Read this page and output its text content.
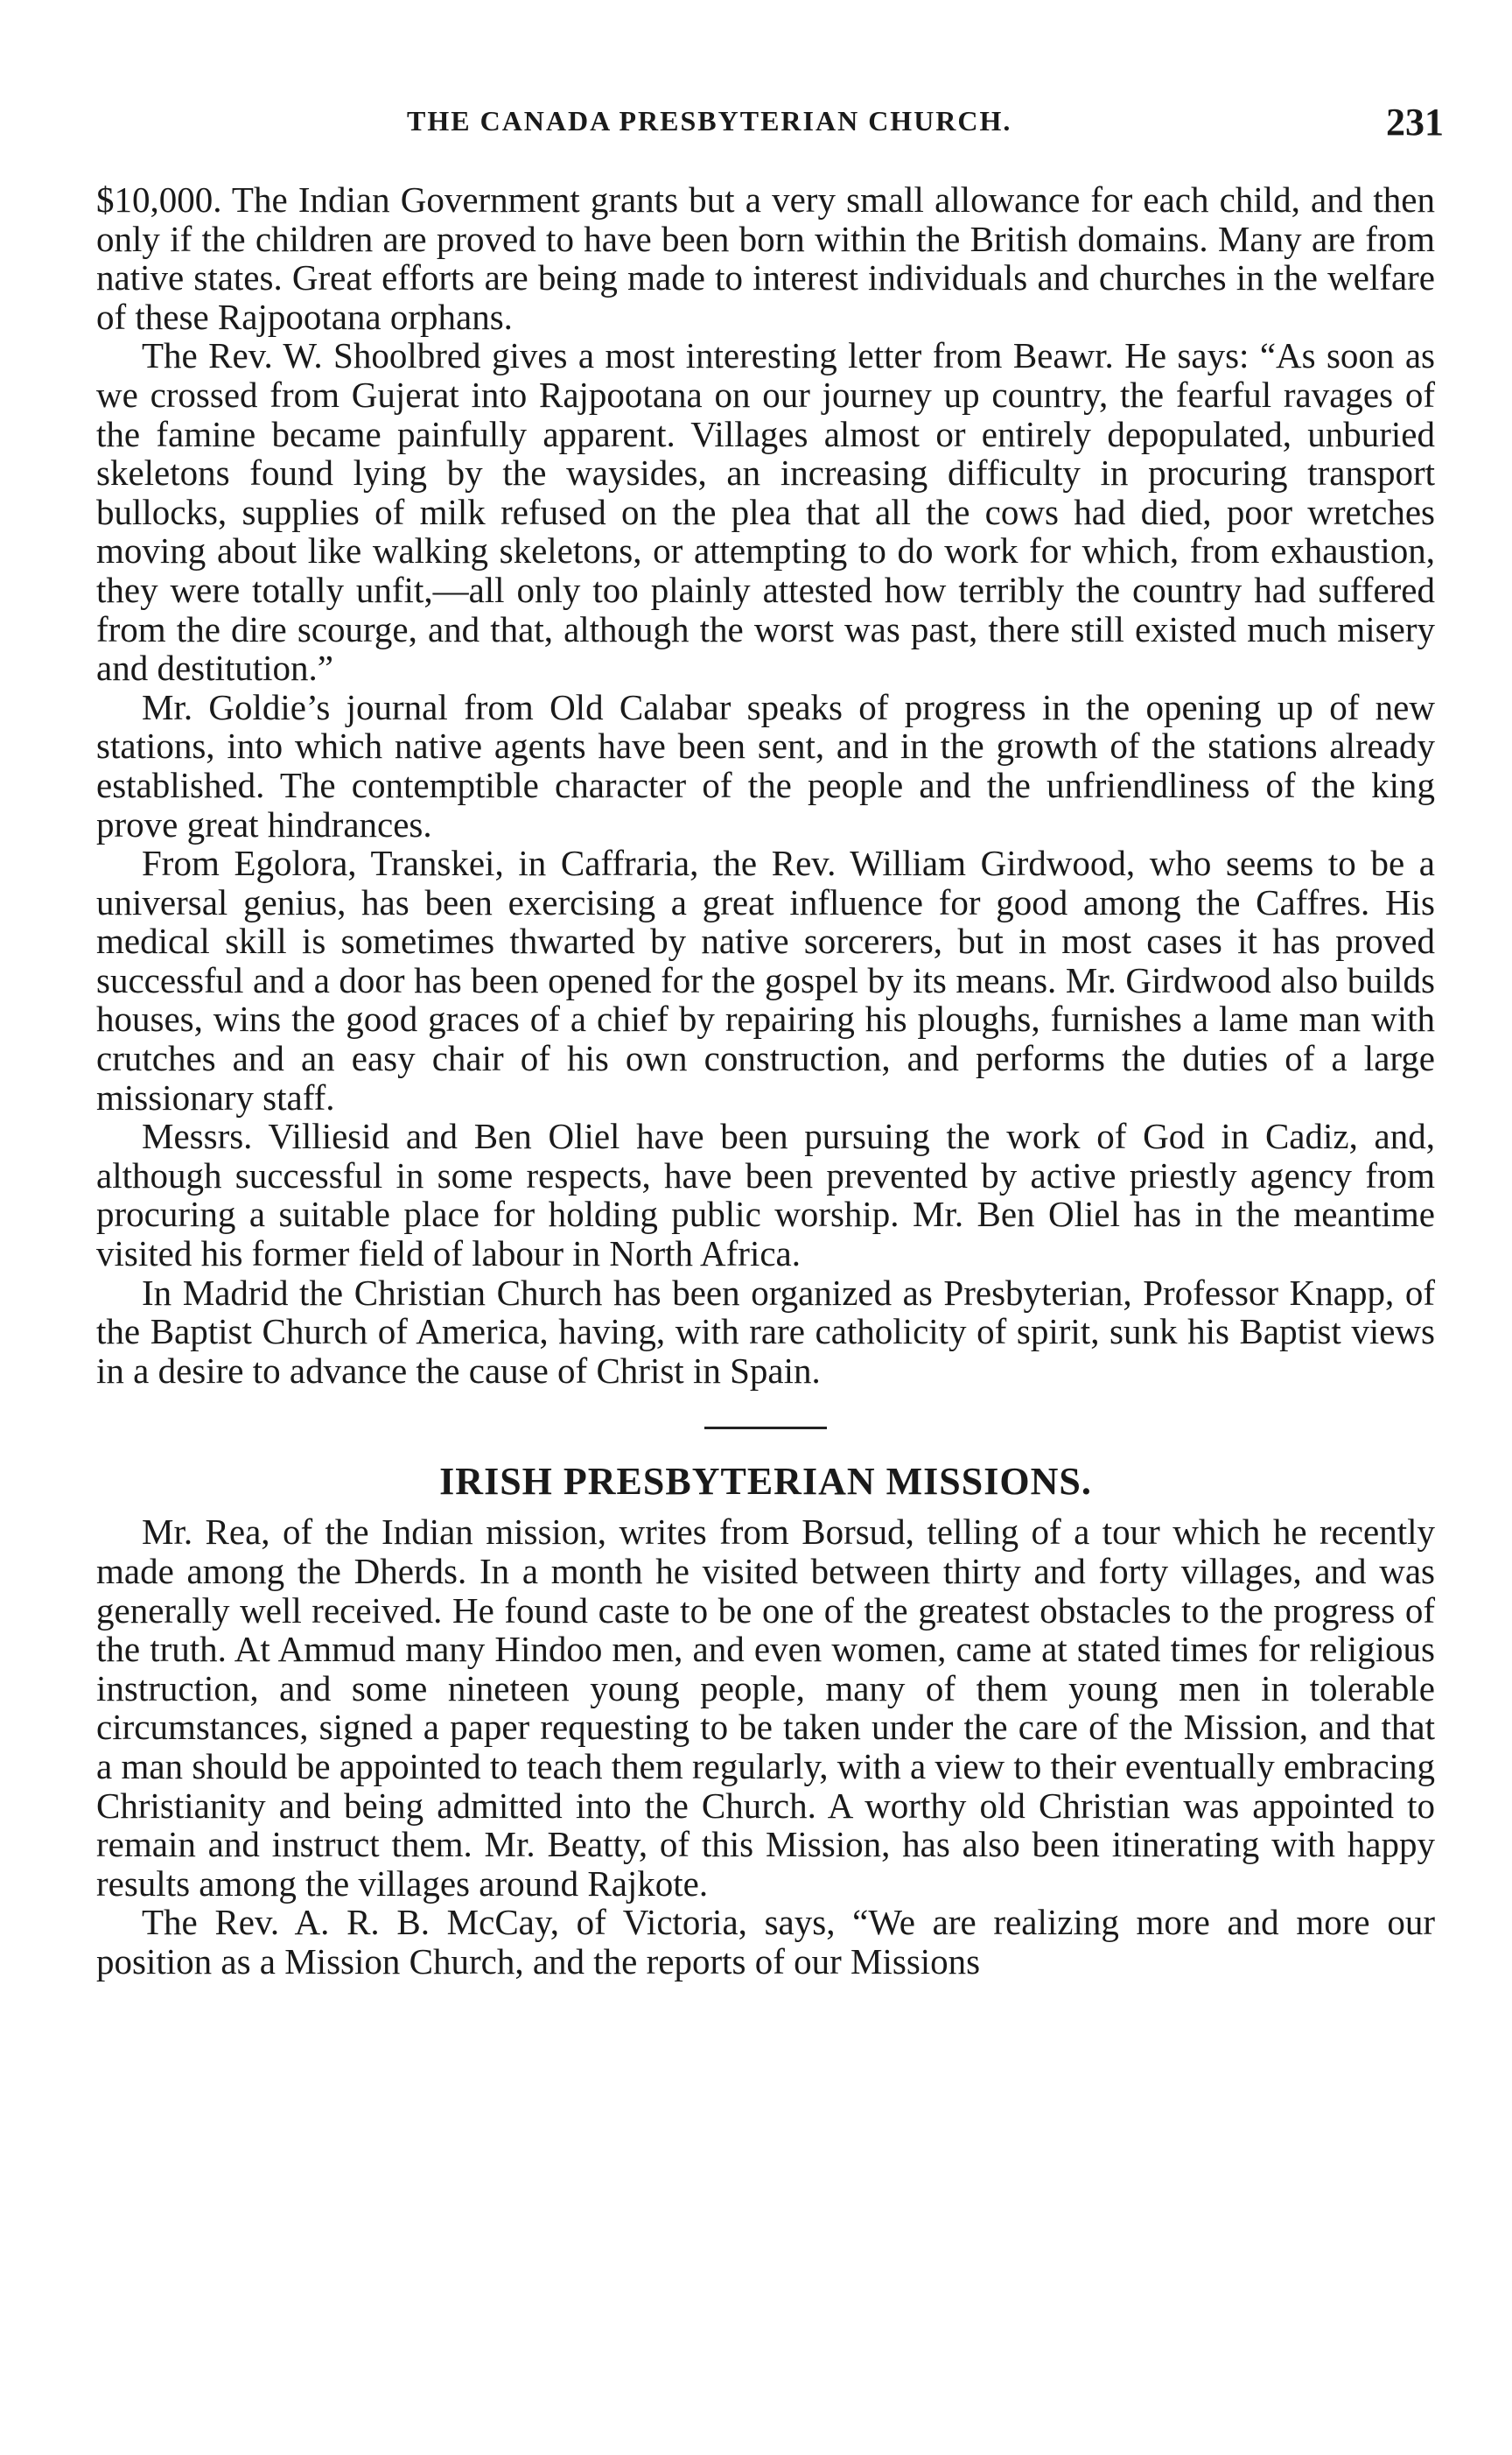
THE CANADA PRESBYTERIAN CHURCH.	231

$10,000. The Indian Government grants but a very small allowance for each child, and then only if the children are proved to have been born within the British domains. Many are from native states. Great efforts are being made to interest individuals and churches in the welfare of these Rajpootana orphans.

The Rev. W. Shoolbred gives a most interesting letter from Beawr. He says: “As soon as we crossed from Gujerat into Rajpootana on our journey up country, the fearful ravages of the famine became painfully apparent. Villages almost or entirely depopulated, unburied skeletons found lying by the waysides, an increasing difficulty in procuring transport bullocks, supplies of milk refused on the plea that all the cows had died, poor wretches moving about like walking skeletons, or attempting to do work for which, from exhaustion, they were totally unfit,—all only too plainly attested how terribly the country had suffered from the dire scourge, and that, although the worst was past, there still existed much misery and destitution.”

Mr. Goldie’s journal from Old Calabar speaks of progress in the opening up of new stations, into which native agents have been sent, and in the growth of the stations already established. The contemptible character of the people and the unfriendliness of the king prove great hindrances.

From Egolora, Transkei, in Caffraria, the Rev. William Girdwood, who seems to be a universal genius, has been exercising a great influence for good among the Caffres. His medical skill is sometimes thwarted by native sorcerers, but in most cases it has proved successful and a door has been opened for the gospel by its means. Mr. Girdwood also builds houses, wins the good graces of a chief by repairing his ploughs, furnishes a lame man with crutches and an easy chair of his own construction, and performs the duties of a large missionary staff.

Messrs. Villiesid and Ben Oliel have been pursuing the work of God in Cadiz, and, although successful in some respects, have been prevented by active priestly agency from procuring a suitable place for holding public worship. Mr. Ben Oliel has in the meantime visited his former field of labour in North Africa.

In Madrid the Christian Church has been organized as Presbyterian, Professor Knapp, of the Baptist Church of America, having, with rare catholicity of spirit, sunk his Baptist views in a desire to advance the cause of Christ in Spain.

IRISH PRESBYTERIAN MISSIONS.

Mr. Rea, of the Indian mission, writes from Borsud, telling of a tour which he recently made among the Dherds. In a month he visited between thirty and forty villages, and was generally well received. He found caste to be one of the greatest obstacles to the progress of the truth. At Ammud many Hindoo men, and even women, came at stated times for religious instruction, and some nineteen young people, many of them young men in tolerable circumstances, signed a paper requesting to be taken under the care of the Mission, and that a man should be appointed to teach them regularly, with a view to their eventually embracing Christianity and being admitted into the Church. A worthy old Christian was appointed to remain and instruct them. Mr. Beatty, of this Mission, has also been itinerating with happy results among the villages around Rajkote.

The Rev. A. R. B. McCay, of Victoria, says, “We are realizing more and more our position as a Mission Church, and the reports of our Missions
